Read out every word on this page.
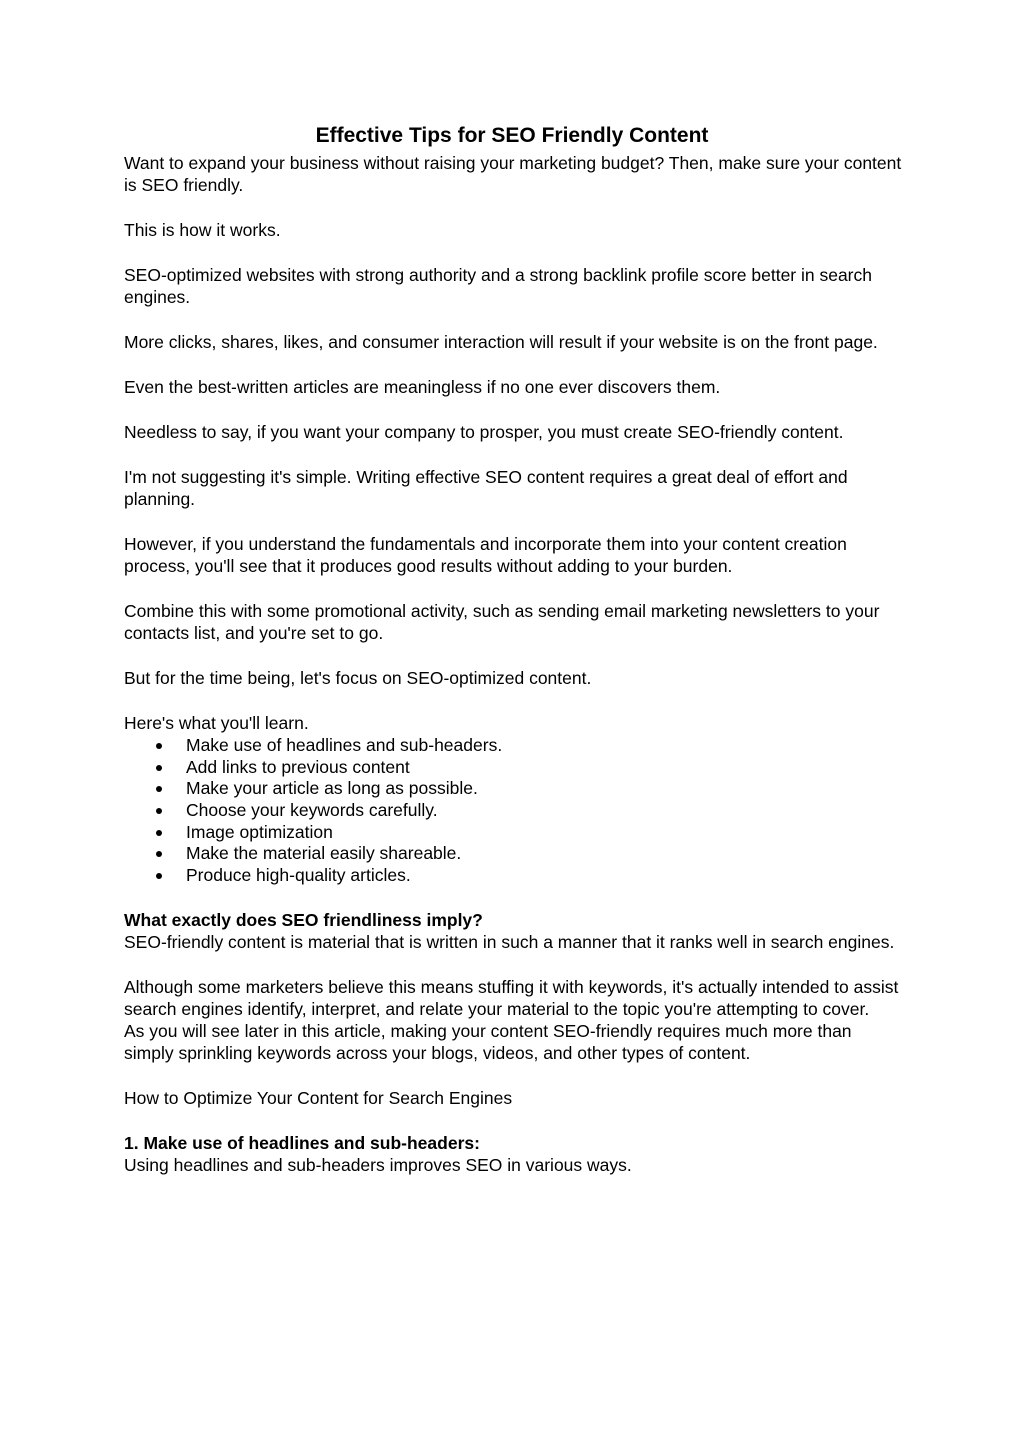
Effective Tips for SEO Friendly Content

Want to expand your business without raising your marketing budget? Then, make sure your content is SEO friendly.

This is how it works.

SEO-optimized websites with strong authority and a strong backlink profile score better in search engines.

More clicks, shares, likes, and consumer interaction will result if your website is on the front page.

Even the best-written articles are meaningless if no one ever discovers them.

Needless to say, if you want your company to prosper, you must create SEO-friendly content.

I'm not suggesting it's simple. Writing effective SEO content requires a great deal of effort and planning.

However, if you understand the fundamentals and incorporate them into your content creation process, you'll see that it produces good results without adding to your burden.

Combine this with some promotional activity, such as sending email marketing newsletters to your contacts list, and you're set to go.

But for the time being, let's focus on SEO-optimized content.

Here's what you'll learn.

Make use of headlines and sub-headers.
Add links to previous content
Make your article as long as possible.
Choose your keywords carefully.
Image optimization
Make the material easily shareable.
Produce high-quality articles.

What exactly does SEO friendliness imply?

SEO-friendly content is material that is written in such a manner that it ranks well in search engines.

Although some marketers believe this means stuffing it with keywords, it's actually intended to assist search engines identify, interpret, and relate your material to the topic you're attempting to cover.

As you will see later in this article, making your content SEO-friendly requires much more than simply sprinkling keywords across your blogs, videos, and other types of content.

How to Optimize Your Content for Search Engines

1. Make use of headlines and sub-headers:

Using headlines and sub-headers improves SEO in various ways.
